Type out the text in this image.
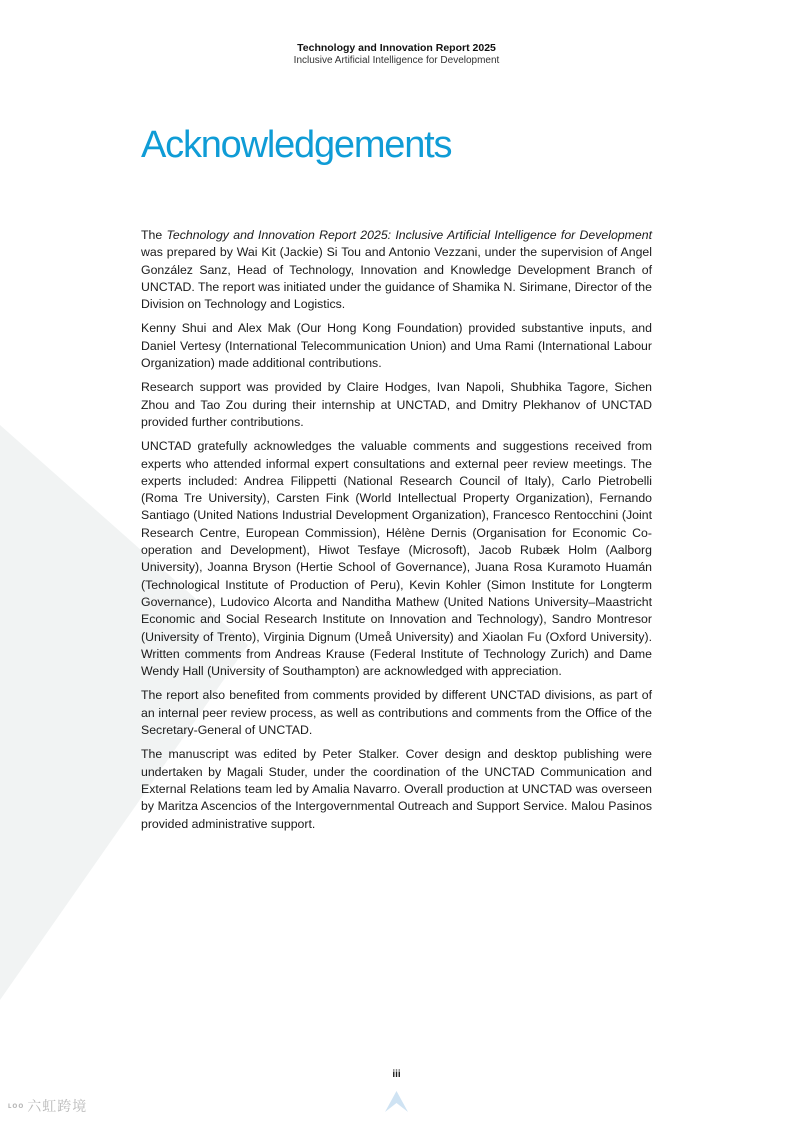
Technology and Innovation Report 2025
Inclusive Artificial Intelligence for Development
Acknowledgements

The Technology and Innovation Report 2025: Inclusive Artificial Intelligence for Development was prepared by Wai Kit (Jackie) Si Tou and Antonio Vezzani, under the supervision of Angel González Sanz, Head of Technology, Innovation and Knowledge Development Branch of UNCTAD. The report was initiated under the guidance of Shamika N. Sirimane, Director of the Division on Technology and Logistics.

Kenny Shui and Alex Mak (Our Hong Kong Foundation) provided substantive inputs, and Daniel Vertesy (International Telecommunication Union) and Uma Rami (International Labour Organization) made additional contributions.

Research support was provided by Claire Hodges, Ivan Napoli, Shubhika Tagore, Sichen Zhou and Tao Zou during their internship at UNCTAD, and Dmitry Plekhanov of UNCTAD provided further contributions.

UNCTAD gratefully acknowledges the valuable comments and suggestions received from experts who attended informal expert consultations and external peer review meetings. The experts included: Andrea Filippetti (National Research Council of Italy), Carlo Pietrobelli (Roma Tre University), Carsten Fink (World Intellectual Property Organization), Fernando Santiago (United Nations Industrial Development Organization), Francesco Rentocchini (Joint Research Centre, European Commission), Hélène Dernis (Organisation for Economic Co-operation and Development), Hiwot Tesfaye (Microsoft), Jacob Rubæk Holm (Aalborg University), Joanna Bryson (Hertie School of Governance), Juana Rosa Kuramoto Huamán (Technological Institute of Production of Peru), Kevin Kohler (Simon Institute for Longterm Governance), Ludovico Alcorta and Nanditha Mathew (United Nations University–Maastricht Economic and Social Research Institute on Innovation and Technology), Sandro Montresor (University of Trento), Virginia Dignum (Umeå University) and Xiaolan Fu (Oxford University). Written comments from Andreas Krause (Federal Institute of Technology Zurich) and Dame Wendy Hall (University of Southampton) are acknowledged with appreciation.

The report also benefited from comments provided by different UNCTAD divisions, as part of an internal peer review process, as well as contributions and comments from the Office of the Secretary-General of UNCTAD.

The manuscript was edited by Peter Stalker. Cover design and desktop publishing were undertaken by Magali Studer, under the coordination of the UNCTAD Communication and External Relations team led by Amalia Navarro. Overall production at UNCTAD was overseen by Maritza Ascencios of the Intergovernmental Outreach and Support Service. Malou Pasinos provided administrative support.

iii
ᶫᵒᵒ 六虹跨境
